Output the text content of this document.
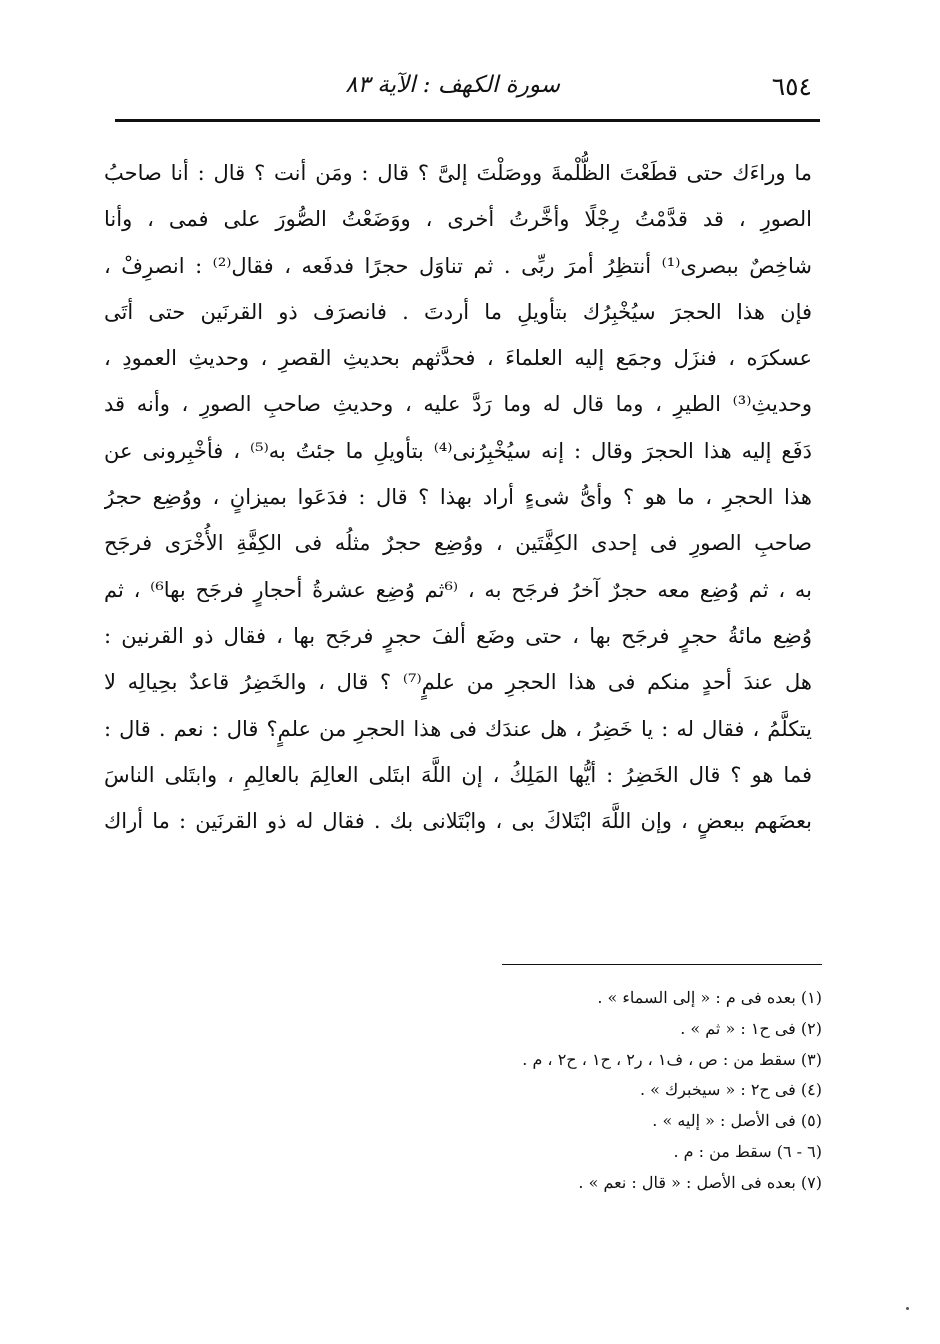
٦٥٤
سورة الكهف : الآية ٨٣
ما وراءَك حتى قطَعْتَ الظُّلْمةَ ووصَلْتَ إلىَّ ؟ قال : ومَن أنت ؟ قال : أنا صاحبُ
الصورِ ، قد قدَّمْتُ رِجْلًا وأخَّرتُ أخرى ، ووَضَعْتُ الصُّورَ على فمى ، وأنا
شاخِصٌ ببصرى⁽¹⁾ أنتظِرُ أمرَ ربِّى . ثم تناوَل حجرًا فدفَعه ، فقال⁽²⁾ : انصرِفْ ،
فإن هذا الحجرَ سيُخْبِرُك بتأويلِ ما أردتَ . فانصرَف ذو القرنَين حتى أتَى
عسكرَه ، فنزَل وجمَع إليه العلماءَ ، فحدَّثهم بحديثِ القصرِ ، وحديثِ العمودِ ،
وحديثِ⁽³⁾ الطيرِ ، وما قال له وما رَدَّ عليه ، وحديثِ صاحبِ الصورِ ، وأنه قد
دَفَع إليه هذا الحجرَ وقال : إنه سيُخْبِرُنى⁽⁴⁾ بتأويلِ ما جئتُ به⁽⁵⁾ ، فأخْبِرونى عن
هذا الحجرِ ، ما هو ؟ وأىُّ شىءٍ أراد بهذا ؟ قال : فدَعَوا بميزانٍ ، ووُضِع حجرُ
صاحبِ الصورِ فى إحدى الكِفَّتَين ، ووُضِع حجرٌ مثلُه فى الكِفَّةِ الأُخْرَى فرجَح
به ، ثم وُضِع معه حجرٌ آخرُ فرجَح به ، ⁽⁶ثم وُضِع عشرةُ أحجارٍ فرجَح بها⁶⁾ ، ثم
وُضِع مائةُ حجرٍ فرجَح بها ، حتى وضَع ألفَ حجرٍ فرجَح بها ، فقال ذو القرنين :
هل عندَ أحدٍ منكم فى هذا الحجرِ من علمٍ⁽⁷⁾ ؟ قال ، والخَضِرُ قاعدٌ بحِيالِه لا
يتكلَّمُ ، فقال له : يا خَضِرُ ، هل عندَك فى هذا الحجرِ من علمٍ؟ قال : نعم . قال :
فما هو ؟ قال الخَضِرُ : أيُّها المَلِكُ ، إن اللَّهَ ابتَلى العالِمَ بالعالِمِ ، وابتَلى الناسَ
بعضَهم ببعضٍ ، وإن اللَّهَ ابْتَلاكَ بى ، وابْتَلانى بك . فقال له ذو القرنَين : ما أراك
(١) بعده فى م : « إلى السماء » .
(٢) فى ح١ : « ثم » .
(٣) سقط من : ص ، ف١ ، ر٢ ، ح١ ، ح٢ ، م .
(٤) فى ح٢ : « سيخبرك » .
(٥) فى الأصل : « إليه » .
(٦ - ٦) سقط من : م .
(٧) بعده فى الأصل : « قال : نعم » .
